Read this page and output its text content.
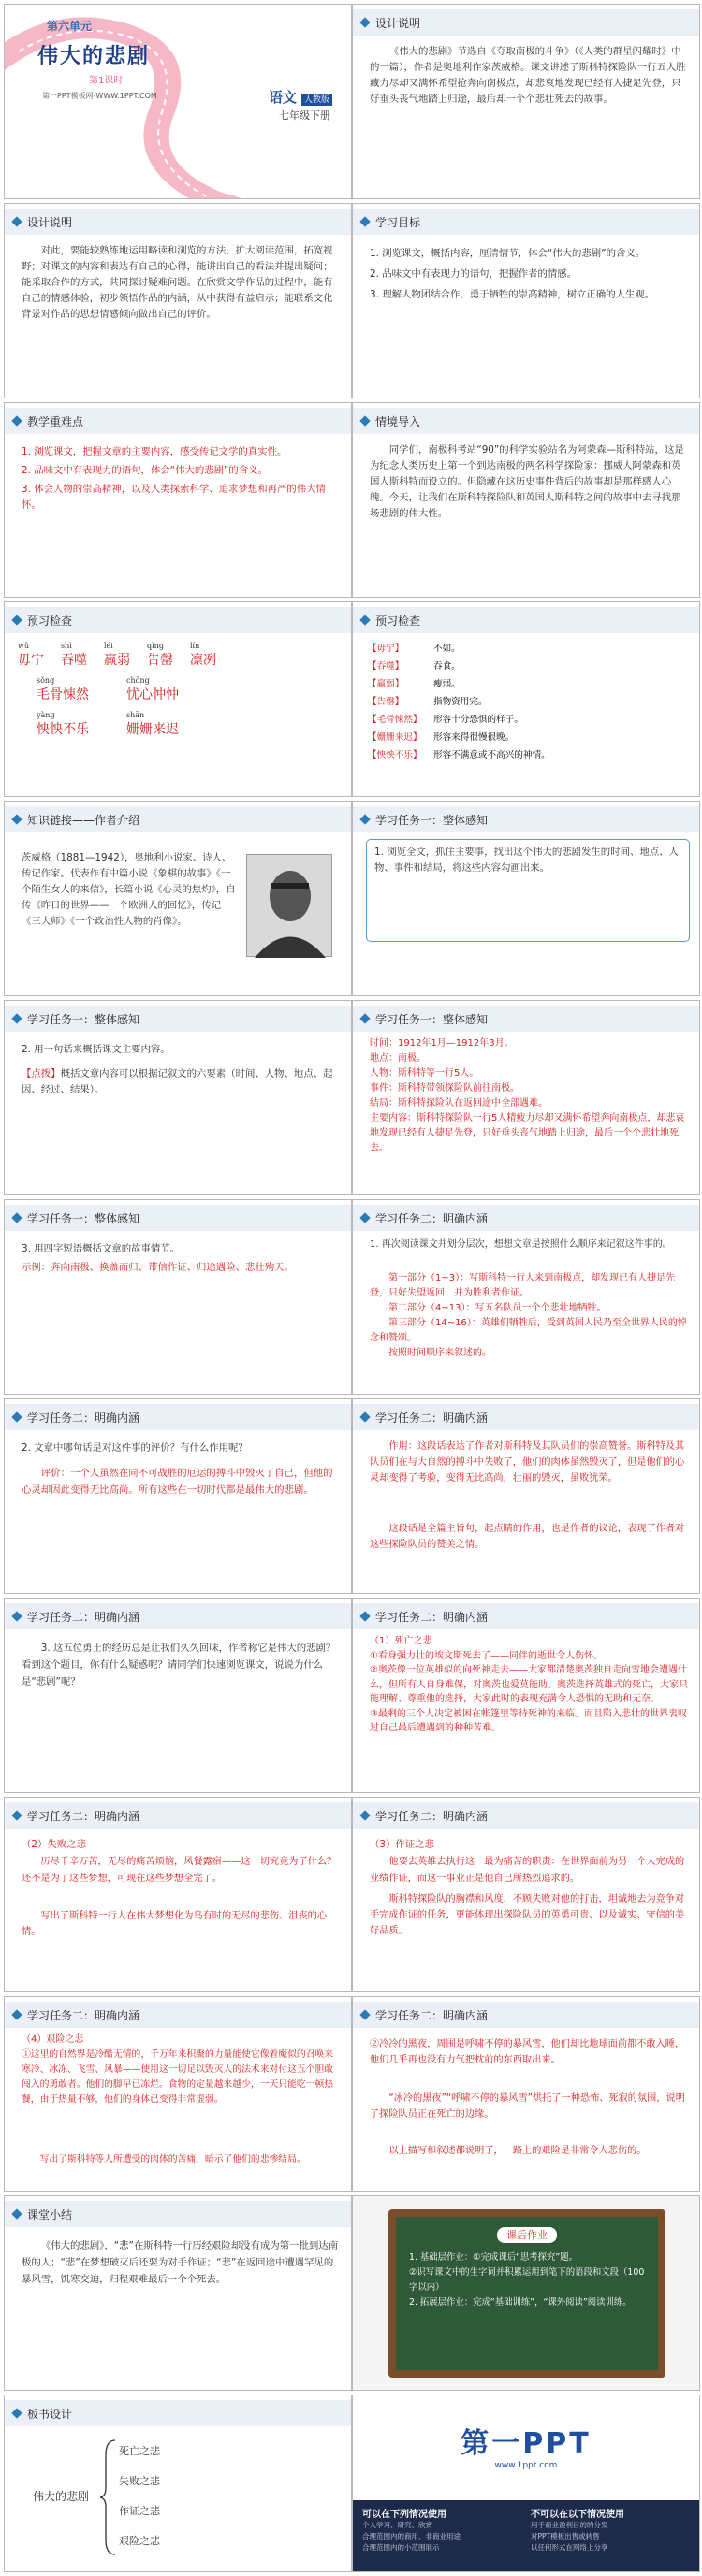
第六单元
伟大的悲剧
第1课时
第一PPT模板网-WWW.1PPT.COM	语文 人教版
七年级下册
设计说明
《伟大的悲剧》节选自《夺取南极的斗争》（《人类的群星闪耀时》中的一篇），作者是奥地利作家茨威格。课文讲述了斯科特探险队一行五人胜藏力尽却又满怀希望抢奔向南极点，却悲哀地发现已经有人捷足先登，只好垂头丧气地踏上归途，最后却一个个悲壮死去的故事。
设计说明
对此，要能较熟练地运用略读和浏览的方法，扩大阅读范围，拓宽视野；对课文的内容和表达有自己的心得，能讲出自己的看法并提出疑问；能采取合作的方式，共同探讨疑难问题。在欣赏文学作品的过程中，能有自己的情感体验，初步领悟作品的内涵，从中获得有益启示；能联系文化背景对作品的思想情感倾向做出自己的评价。
学习目标

1. 浏览课文，概括内容，厘清情节，体会“伟大的悲剧”的含义。

2. 品味文中有表现力的语句，把握作者的情感。

3. 理解人物团结合作、勇于牺牲的崇高精神，树立正确的人生观。

教学重难点

1. 浏览课文，把握文章的主要内容，感受传记文学的真实性。

2. 品味文中有表现力的语句，体会“伟大的悲剧”的含义。

3. 体会人物的崇高精神，以及人类探索科学、追求梦想和再严的伟大情怀。

情境导入
同学们，南极科考站“90”的科学实验站名为阿蒙森—斯科特站，这是为纪念人类历史上第一个到达南极的两名科学探险家：挪威人阿蒙森和英国人斯科特而设立的。但隐藏在这历史事件背后的故事却是那样感人心魄。今天，让我们在斯科特探险队和英国人斯科特之间的故事中去寻找那场悲剧的伟大性。
预习检查
wǔ
毋宁
shì
吞噬
léi
羸弱
qìng
告罄
lín
凛冽
sǒng
毛骨悚然
chōng
忧心忡忡
yàng
怏怏不乐
shān
姗姗来迟
预习检查
【毋宁】	不如。
【吞噬】	吞食。
【羸弱】	瘦弱。
【告罄】	指物资用完。
【毛骨悚然】 形容十分恐惧的样子。
【姗姗来迟】 形容来得很慢很晚。
【怏怏不乐】 形容不满意或不高兴的神情。
知识链接——作者介绍
茨威格（1881—1942），奥地利小说家、诗人、传记作家。代表作有中篇小说《象棋的故事》《一个陌生女人的来信》，长篇小说《心灵的焦灼》，自传《昨日的世界——一个欧洲人的回忆》，传记《三大师》《一个政治性人物的肖像》。
学习任务一：整体感知
1. 浏览全文，抓住主要事，找出这个伟大的悲剧发生的时间、地点、人物、事件和结局，将这些内容勾画出来。
学习任务一：整体感知
2. 用一句话来概括课文主要内容。
【点拨】概括文章内容可以根据记叙文的六要素（时间、人物、地点、起因、经过、结果）。
学习任务一：整体感知

时间：1912年1月—1912年3月。

地点：南极。

人物：斯科特等一行5人。

事件：斯科特带领探险队前往南极。

结局：斯科特探险队在返回途中全部遇难。

主要内容：斯科特探险队一行5人精疲力尽却又满怀希望奔向南极点，却悲哀地发现已经有人捷足先登，只好垂头丧气地踏上归途，最后一个个悲壮地死去。

学习任务一：整体感知
3. 用四字短语概括文章的故事情节。
示例：奔向南极、换盖而归、带信作证、归途遇险、悲壮殉天。
学习任务二：明确内涵
1. 再次阅读课文并划分层次，想想文章是按照什么顺序来记叙这件事的。

第一部分（1~3）：写斯科特一行人来到南极点，却发现已有人捷足先登，只好失望返回，并为胜利者作证。

第二部分（4~13）：写五名队员一个个悲壮地牺牲。

第三部分（14~16）：英雄们牺牲后，受到英国人民乃至全世界人民的悼念和赞颂。

按照时间顺序来叙述的。

学习任务二：明确内涵
2. 文章中哪句话是对这件事的评价？有什么作用呢？
评价：一个人虽然在同不可战胜的厄运的搏斗中毁灭了自己，但他的心灵却因此变得无比高尚。所有这些在一切时代都是最伟大的悲剧。
学习任务二：明确内涵
作用：这段话表达了作者对斯科特及其队员们的崇高赞誉。斯科特及其队员们在与大自然的搏斗中失败了，他们的肉体虽然毁灭了，但是他们的心灵却变得了考验，变得无比高尚，壮丽的毁灭，虽败犹荣。
这段话是全篇主旨句，起点睛的作用，也是作者的议论，表现了作者对这些探险队员的赞美之情。
学习任务二：明确内涵
3. 这五位勇士的经历总是让我们久久回味，作者称它是伟大的悲剧？看到这个题目，你有什么疑惑呢？请同学们快速浏览课文，说说为什么是“悲剧”呢？
学习任务二：明确内涵

（1）死亡之悲

①看身强力壮的埃文斯死去了——同伴的逝世令人伤怀。

②奥茨像一位英雄似的向死神走去——大家都清楚奥茨独自走向雪地会遭遇什么，但所有人自身难保，对奥茨也爱莫能助。奥茨选择英雄式的死亡，大家只能理解、尊重他的选择，大家此时的表现充满令人恐惧的无助和无奈。

③最剩的三个人决定被困在帐篷里等待死神的来临。而且陷入悲壮的世界衷叹过自己最后遭遇到的种种苦难。

学习任务二：明确内涵
（2）失败之悲
历尽千辛万苦，无尽的痛苦烦恼，风餐露宿——这一切究竟为了什么？还不是为了这些梦想，可现在这些梦想全完了。
写出了斯科特一行人在伟大梦想化为乌有时的无尽的悲伤、沮丧的心情。
学习任务二：明确内涵
（3）作证之悲
他要去英雄去执行这一最为痛苦的职责：在世界面前为另一个人完成的业绩作证，而这一事业正是他自己所热烈追求的。
斯科特探险队的胸襟和风度，不顾失败对他的打击，坦诚地去为竞争对手完成作证的任务，更能体现出探险队员的英勇可贵、以及诚实、守信的美好品质。
学习任务二：明确内涵
（4）艰险之悲
①这里的自然界是冷酷无情的，千万年来积聚的力量能使它像着魔似的召唤来寒冷、冰冻、飞雪、风暴——使用这一切足以毁灭人的法术来对付这五个胆敢闯入的勇敢者。他们的脚早已冻烂。食物的定量越来越少，一天只能吃一顿热餐，由于热量不够，他们的身体已变得非常虚弱。
写出了斯科特等人所遭受的肉体的苦痛，暗示了他们的悲惨结局。
学习任务二：明确内涵
②冷冷的黑夜，周围是呼啸不停的暴风雪，他们却比地球面前都不敢入睡，他们几乎再也没有力气把枕前的东西取出来。
“冰冷的黑夜”“呼啸不停的暴风雪”烘托了一种恐怖、死寂的氛围，说明了探险队员正在死亡的边缘。
以上描写和叙述都说明了，一路上的艰险是非常令人悲伤的。
课堂小结
《伟大的悲剧》，“悲”在斯科特一行历经艰险却没有成为第一批到达南极的人；“悲”在梦想破灭后还要为对手作证；“悲”在返回途中遭遇罕见的暴风雪，饥寒交迫，归程艰难最后一个个死去。
课后作业

1. 基础层作业：①完成课后“思考探究”题。

②识写课文中的生字词并积累运用到笔下的语段和文段（100字以内）

2. 拓展层作业：完成“基础训练”，“课外阅读”阅读训练。

板书设计
伟大的悲剧
死亡之悲
失败之悲
作证之悲
艰险之悲
第一PPT
www.1ppt.com
可以在下列情况使用
个人学习、研究、欣赏
合理范围内的商用、非商业用途
合理范围内的小范围展示
不可以在以下情况使用
用于商业盈利目的的分发
对PPT模板出售或转售
以任何形式在网络上分享
